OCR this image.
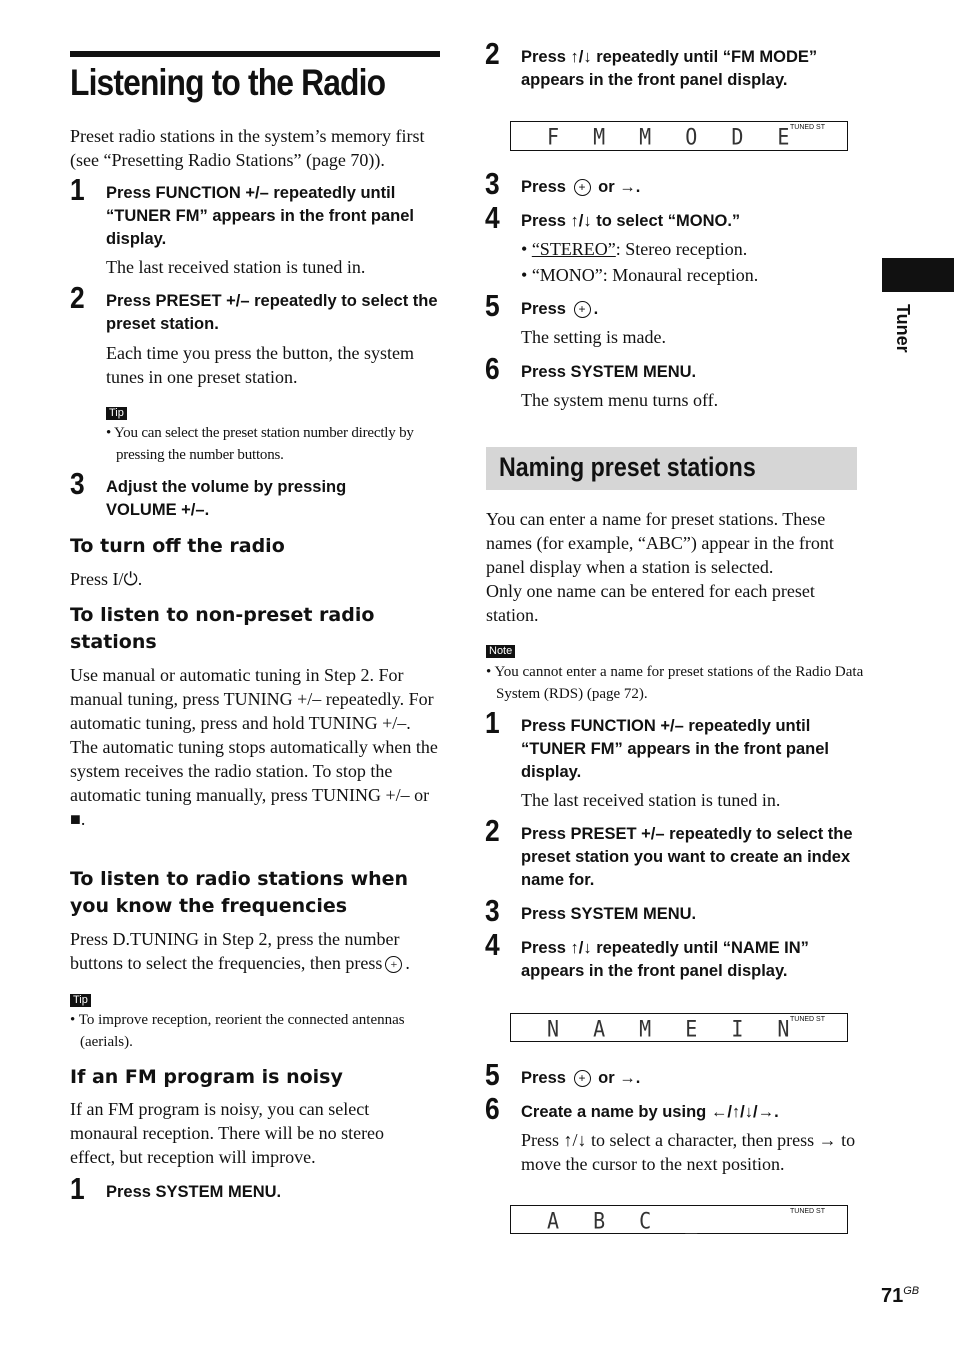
Listening to the Radio

Preset radio stations in the system’s memory first (see “Presetting Radio Stations” (page 70)).

1 Press FUNCTION +/– repeatedly until “TUNER FM” appears in the front panel display.

The last received station is tuned in.

2 Press PRESET +/– repeatedly to select the preset station.

Each time you press the button, the system tunes in one preset station.

Tip

• You can select the preset station number directly by pressing the number buttons.

3 Adjust the volume by pressing VOLUME +/–.

To turn off the radio

Press I/⏻.

To listen to non-preset radio stations

Use manual or automatic tuning in Step 2. For manual tuning, press TUNING +/– repeatedly. For automatic tuning, press and hold TUNING +/–. The automatic tuning stops automatically when the system receives the radio station. To stop the automatic tuning manually, press TUNING +/– or ■.

To listen to radio stations when you know the frequencies

Press D.TUNING in Step 2, press the number buttons to select the frequencies, then press + .

Tip

• To improve reception, reorient the connected antennas (aerials).

If an FM program is noisy

If an FM program is noisy, you can select monaural reception. There will be no stereo effect, but reception will improve.

1 Press SYSTEM MENU.

2 Press ↑/↓ repeatedly until “FM MODE” appears in the front panel display.

F M M O D E
TUNED ST
3 Press + or →.

4 Press ↑/↓ to select “MONO.”

• “STEREO”: Stereo reception.

• “MONO”: Monaural reception.

5 Press + .

The setting is made.

6 Press SYSTEM MENU.

The system menu turns off.

Naming preset stations

You can enter a name for preset stations. These names (for example, “ABC”) appear in the front panel display when a station is selected.

Only one name can be entered for each preset station.

Note

• You cannot enter a name for preset stations of the Radio Data System (RDS) (page 72).

1 Press FUNCTION +/– repeatedly until “TUNER FM” appears in the front panel display.

The last received station is tuned in.

2 Press PRESET +/– repeatedly to select the preset station you want to create an index name for.

3 Press SYSTEM MENU.

4 Press ↑/↓ repeatedly until “NAME IN” appears in the front panel display.

N A M E I N
TUNED ST
5 Press + or →.

6 Create a name by using ←/↑/↓/→.

Press ↑/↓ to select a character, then press → to move the cursor to the next position.

A B C _	TUNED ST
Tuner
$71^{GB}$
